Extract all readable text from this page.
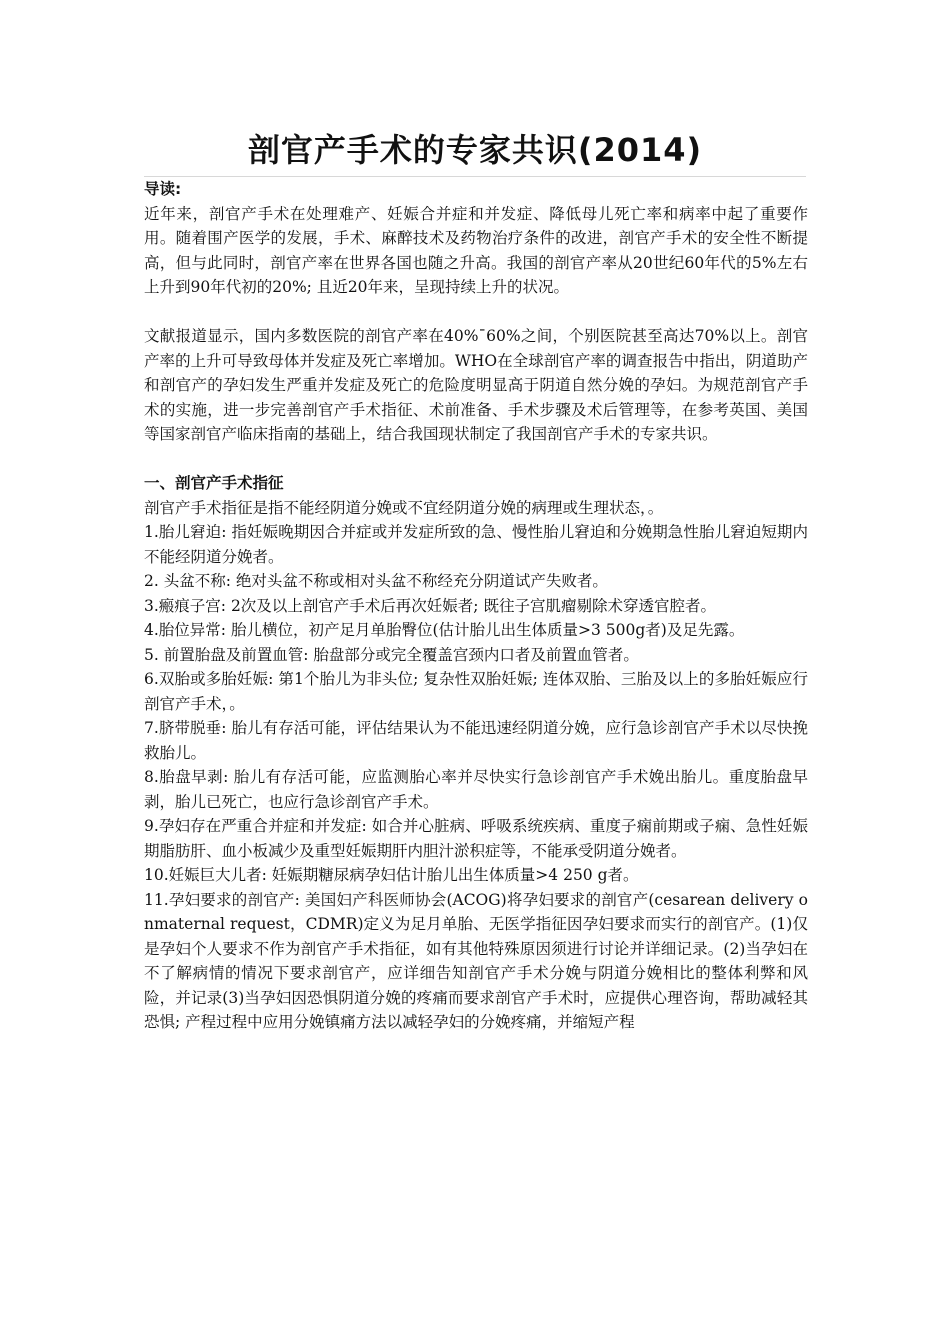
剖官产手术的专家共识(2014)

导读:

近年来，剖官产手术在处理难产、妊娠合并症和并发症、降低母儿死亡率和病率中起了重要作用。随着围产医学的发展，手术、麻醉技术及药物治疗条件的改进，剖官产手术的安全性不断提高，但与此同时，剖官产率在世界各国也随之升高。我国的剖官产率从20世纪60年代的5%左右上升到90年代初的20%; 且近20年来，呈现持续上升的状况。

文献报道显示，国内多数医院的剖官产率在40%¯60%之间，个别医院甚至高达70%以上。剖官产率的上升可导致母体并发症及死亡率增加。WHO在全球剖官产率的调查报告中指出，阴道助产和剖官产的孕妇发生严重并发症及死亡的危险度明显高于阴道自然分娩的孕妇。为规范剖官产手术的实施，进一步完善剖官产手术指征、术前准备、手术步骤及术后管理等，在参考英国、美国等国家剖官产临床指南的基础上，结合我国现状制定了我国剖官产手术的专家共识。

一、剖官产手术指征

剖官产手术指征是指不能经阴道分娩或不宜经阴道分娩的病理或生理状态，。

1.胎儿窘迫: 指妊娠晚期因合并症或并发症所致的急、慢性胎儿窘迫和分娩期急性胎儿窘迫短期内不能经阴道分娩者。

2. 头盆不称: 绝对头盆不称或相对头盆不称经充分阴道试产失败者。

3.瘢痕子宫: 2次及以上剖官产手术后再次妊娠者; 既往子宫肌瘤剔除术穿透官腔者。

4.胎位异常: 胎儿横位，初产足月单胎臀位(估计胎儿出生体质量>3 500g者)及足先露。

5. 前置胎盘及前置血管: 胎盘部分或完全覆盖宫颈内口者及前置血管者。

6.双胎或多胎妊娠: 第1个胎儿为非头位; 复杂性双胎妊娠; 连体双胎、三胎及以上的多胎妊娠应行剖官产手术，。

7.脐带脱垂: 胎儿有存活可能，评估结果认为不能迅速经阴道分娩，应行急诊剖官产手术以尽快挽救胎儿。

8.胎盘早剥: 胎儿有存活可能，应监测胎心率并尽快实行急诊剖官产手术娩出胎儿。重度胎盘早剥，胎儿已死亡，也应行急诊剖官产手术。

9.孕妇存在严重合并症和并发症: 如合并心脏病、呼吸系统疾病、重度子痫前期或子痫、急性妊娠期脂肪肝、血小板减少及重型妊娠期肝内胆汁淤积症等，不能承受阴道分娩者。

10.妊娠巨大儿者: 妊娠期糖尿病孕妇估计胎儿出生体质量>4 250 g者。

11.孕妇要求的剖官产: 美国妇产科医师协会(ACOG)将孕妇要求的剖官产(cesarean delivery onmaternal request，CDMR)定义为足月单胎、无医学指征因孕妇要求而实行的剖官产。(1)仅是孕妇个人要求不作为剖官产手术指征，如有其他特殊原因须进行讨论并详细记录。(2)当孕妇在不了解病情的情况下要求剖官产，应详细告知剖官产手术分娩与阴道分娩相比的整体利弊和风险，并记录(3)当孕妇因恐惧阴道分娩的疼痛而要求剖官产手术时，应提供心理咨询，帮助减轻其恐惧; 产程过程中应用分娩镇痛方法以减轻孕妇的分娩疼痛，并缩短产程
